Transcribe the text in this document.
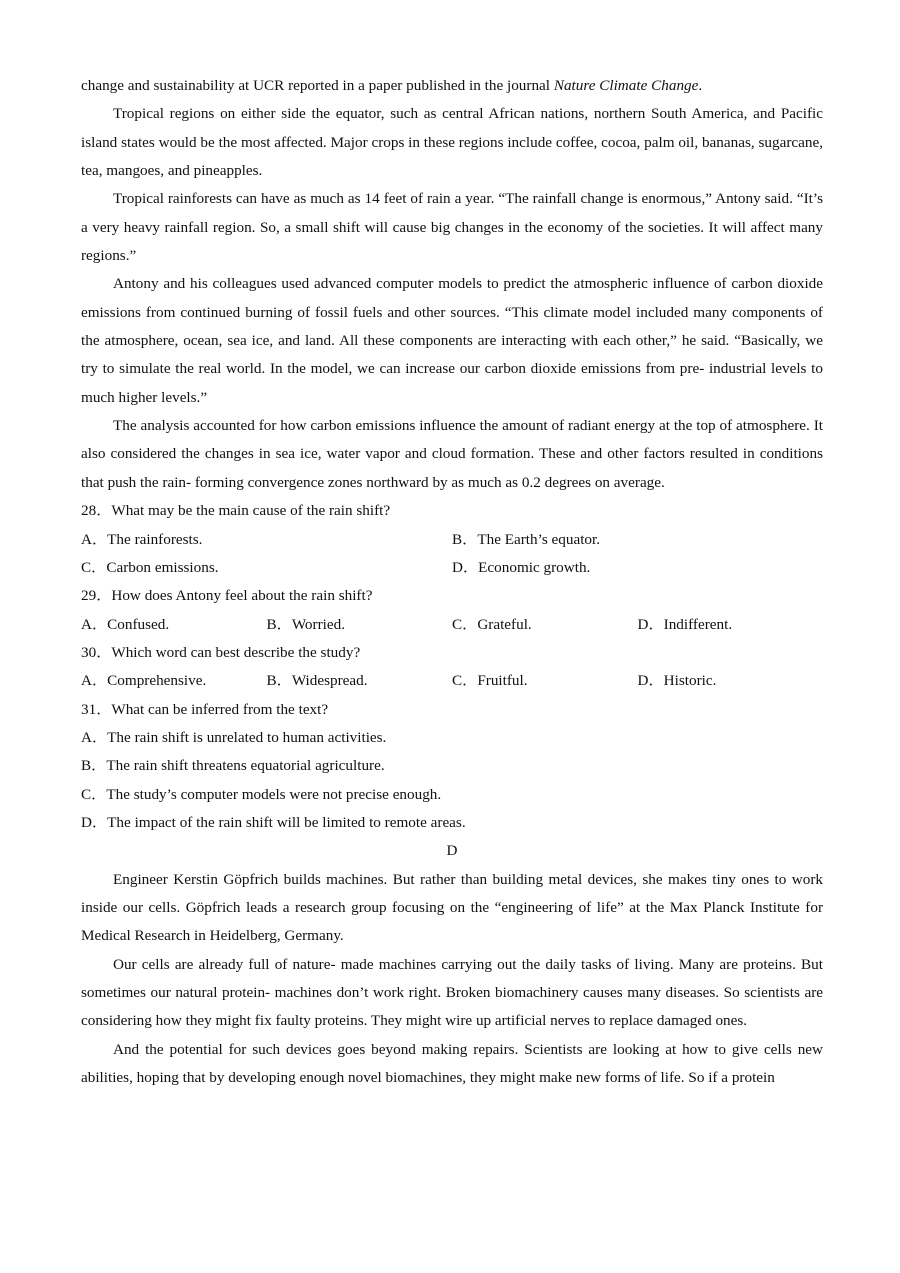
change and sustainability at UCR reported in a paper published in the journal Nature Climate Change.

Tropical regions on either side the equator, such as central African nations, northern South America, and Pacific island states would be the most affected. Major crops in these regions include coffee, cocoa, palm oil, bananas, sugarcane, tea, mangoes, and pineapples.

Tropical rainforests can have as much as 14 feet of rain a year. “The rainfall change is enormous,” Antony said. “It’s a very heavy rainfall region. So, a small shift will cause big changes in the economy of the societies. It will affect many regions.”

Antony and his colleagues used advanced computer models to predict the atmospheric influence of carbon dioxide emissions from continued burning of fossil fuels and other sources. “This climate model included many components of the atmosphere, ocean, sea ice, and land. All these components are interacting with each other,” he said. “Basically, we try to simulate the real world. In the model, we can increase our carbon dioxide emissions from pre- industrial levels to much higher levels.”

The analysis accounted for how carbon emissions influence the amount of radiant energy at the top of atmosphere. It also considered the changes in sea ice, water vapor and cloud formation. These and other factors resulted in conditions that push the rain- forming convergence zones northward by as much as 0.2 degrees on average.

28．What may be the main cause of the rain shift?
A．The rainforests.	B．The Earth’s equator.
C．Carbon emissions.	D．Economic growth.
29．How does Antony feel about the rain shift?
A．Confused.	B．Worried.	C．Grateful.	D．Indifferent.
30．Which word can best describe the study?
A．Comprehensive.	B．Widespread.	C．Fruitful.	D．Historic.
31．What can be inferred from the text?
A．The rain shift is unrelated to human activities.
B．The rain shift threatens equatorial agriculture.
C．The study’s computer models were not precise enough.
D．The impact of the rain shift will be limited to remote areas.
D

Engineer Kerstin Göpfrich builds machines. But rather than building metal devices, she makes tiny ones to work inside our cells. Göpfrich leads a research group focusing on the “engineering of life” at the Max Planck Institute for Medical Research in Heidelberg, Germany.

Our cells are already full of nature- made machines carrying out the daily tasks of living. Many are proteins. But sometimes our natural protein- machines don’t work right. Broken biomachinery causes many diseases. So scientists are considering how they might fix faulty proteins. They might wire up artificial nerves to replace damaged ones.

And the potential for such devices goes beyond making repairs. Scientists are looking at how to give cells new abilities, hoping that by developing enough novel biomachines, they might make new forms of life. So if a protein
